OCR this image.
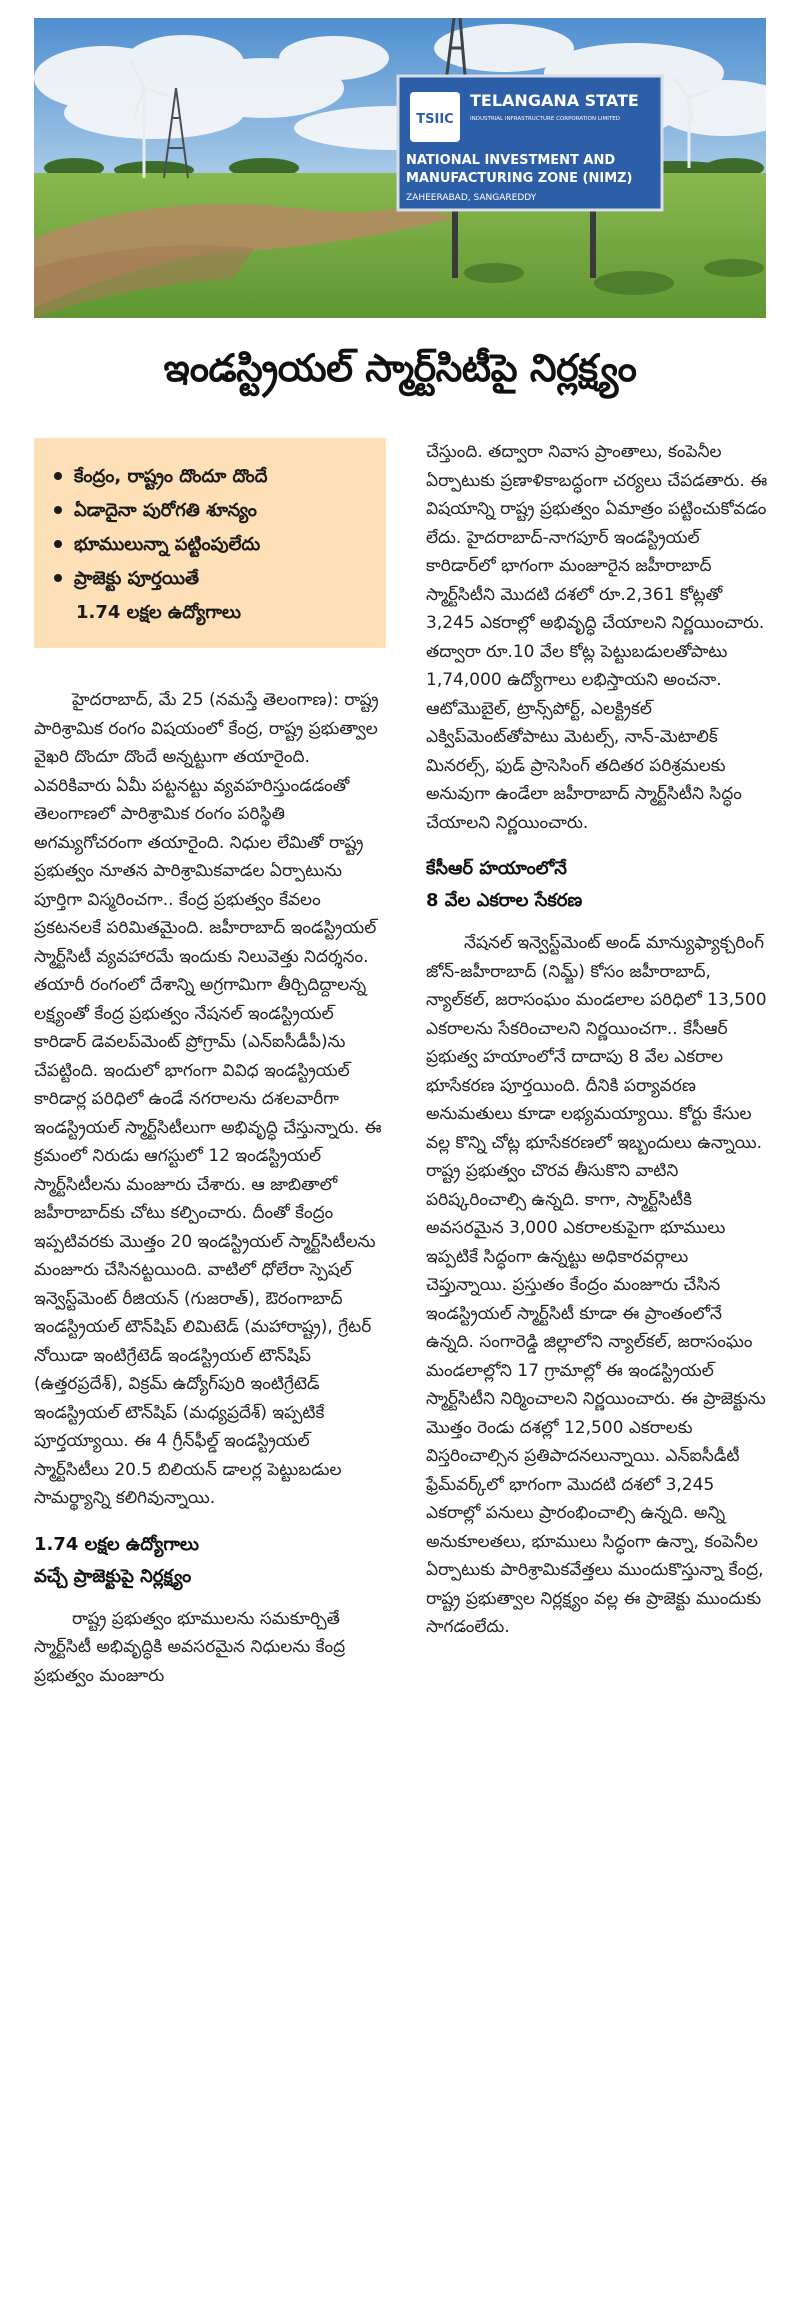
TSIIC
TELANGANA STATE
INDUSTRIAL INFRASTRUCTURE CORPORATION LIMITED
NATIONAL INVESTMENT AND
MANUFACTURING ZONE (NIMZ)
ZAHEERABAD, SANGAREDDY
ఇండస్ట్రియల్ స్మార్ట్‌సిటీపై నిర్లక్ష్యం
కేంద్రం, రాష్ట్రం దొందూ దొందే
ఏడాదైనా పురోగతి శూన్యం
భూములున్నా పట్టింపులేదు
ప్రాజెక్టు పూర్తయితే
1.74 లక్షల ఉద్యోగాలు

హైదరాబాద్, మే 25 (నమస్తే తెలంగాణ): రాష్ట్ర పారిశ్రామిక రంగం విషయంలో కేంద్ర, రాష్ట్ర ప్రభుత్వాల వైఖరి దొందూ దొందే అన్నట్టుగా తయారైంది. ఎవరికివారు ఏమీ పట్టనట్టు వ్యవహరిస్తుండడంతో తెలంగాణలో పారిశ్రామిక రంగం పరిస్థితి అగమ్యగోచరంగా తయారైంది. నిధుల లేమితో రాష్ట్ర ప్రభుత్వం నూతన పారిశ్రామికవాడల ఏర్పాటును పూర్తిగా విస్మరించగా.. కేంద్ర ప్రభుత్వం కేవలం ప్రకటనలకే పరిమితమైంది. జహీరాబాద్ ఇండస్ట్రియల్ స్మార్ట్‌సిటీ వ్యవహారమే ఇందుకు నిలువెత్తు నిదర్శనం. తయారీ రంగంలో దేశాన్ని అగ్రగామిగా తీర్చిదిద్దాలన్న లక్ష్యంతో కేంద్ర ప్రభుత్వం నేషనల్ ఇండస్ట్రియల్ కారిడార్ డెవలప్‌మెంట్ ప్రోగ్రామ్ (ఎన్‌ఐసీడీపీ)ను చేపట్టింది. ఇందులో భాగంగా వివిధ ఇండస్ట్రియల్ కారిడార్ల పరిధిలో ఉండే నగరాలను దశలవారీగా ఇండస్ట్రియల్ స్మార్ట్‌సిటీలుగా అభివృద్ధి చేస్తున్నారు. ఈ క్రమంలో నిరుడు ఆగస్టులో 12 ఇండస్ట్రియల్ స్మార్ట్‌సిటీలను మంజూరు చేశారు. ఆ జాబితాలో జహీరాబాద్‌కు చోటు కల్పించారు. దీంతో కేంద్రం ఇప్పటివరకు మొత్తం 20 ఇండస్ట్రియల్ స్మార్ట్‌సిటీలను మంజూరు చేసినట్టయింది. వాటిలో ధోలేరా స్పెషల్ ఇన్వెస్ట్‌మెంట్ రీజియన్ (గుజరాత్), ఔరంగాబాద్ ఇండస్ట్రియల్ టౌన్‌షిప్ లిమిటెడ్ (మహారాష్ట్ర), గ్రేటర్ నోయిడా ఇంటిగ్రేటెడ్ ఇండస్ట్రియల్ టౌన్‌షిప్ (ఉత్తరప్రదేశ్), విక్రమ్ ఉద్యోగ్‌పురి ఇంటిగ్రేటెడ్ ఇండస్ట్రియల్ టౌన్‌షిప్ (మధ్యప్రదేశ్) ఇప్పటికే పూర్తయ్యాయి. ఈ 4 గ్రీన్‌ఫీల్డ్ ఇండస్ట్రియల్ స్మార్ట్‌సిటీలు 20.5 బిలియన్ డాలర్ల పెట్టుబడుల సామర్థ్యాన్ని కలిగివున్నాయి.

1.74 లక్షల ఉద్యోగాలు
వచ్చే ప్రాజెక్టుపై నిర్లక్ష్యం

రాష్ట్ర ప్రభుత్వం భూములను సమకూర్చితే స్మార్ట్‌సిటీ అభివృద్ధికి అవసరమైన నిధులను కేంద్ర ప్రభుత్వం మంజూరు

చేస్తుంది. తద్వారా నివాస ప్రాంతాలు, కంపెనీల ఏర్పాటుకు ప్రణాళికాబద్ధంగా చర్యలు చేపడతారు. ఈ విషయాన్ని రాష్ట్ర ప్రభుత్వం ఏమాత్రం పట్టించుకోవడం లేదు. హైదరాబాద్-నాగపూర్ ఇండస్ట్రియల్ కారిడార్‌లో భాగంగా మంజూరైన జహీరాబాద్ స్మార్ట్‌సిటీని మొదటి దశలో రూ.2,361 కోట్లతో 3,245 ఎకరాల్లో అభివృద్ధి చేయాలని నిర్ణయించారు. తద్వారా రూ.10 వేల కోట్ల పెట్టుబడులతోపాటు 1,74,000 ఉద్యోగాలు లభిస్తాయని అంచనా. ఆటోమొబైల్, ట్రాన్స్‌పోర్ట్, ఎలక్ట్రికల్ ఎక్విప్‌మెంట్‌తోపాటు మెటల్స్, నాన్-మెటాలిక్ మినరల్స్, ఫుడ్ ప్రాసెసింగ్ తదితర పరిశ్రమలకు అనువుగా ఉండేలా జహీరాబాద్ స్మార్ట్‌సిటీని సిద్ధం చేయాలని నిర్ణయించారు.

కేసీఆర్ హయాంలోనే
8 వేల ఎకరాల సేకరణ

నేషనల్ ఇన్వెస్ట్‌మెంట్ అండ్ మాన్యుఫ్యాక్చరింగ్ జోన్-జహీరాబాద్ (నిమ్జ్) కోసం జహీరాబాద్, న్యాల్‌కల్, జరాసంఘం మండలాల పరిధిలో 13,500 ఎకరాలను సేకరించాలని నిర్ణయించగా.. కేసీఆర్ ప్రభుత్వ హయాంలోనే దాదాపు 8 వేల ఎకరాల భూసేకరణ పూర్తయింది. దీనికి పర్యావరణ అనుమతులు కూడా లభ్యమయ్యాయి. కోర్టు కేసుల వల్ల కొన్ని చోట్ల భూసేకరణలో ఇబ్బందులు ఉన్నాయి. రాష్ట్ర ప్రభుత్వం చొరవ తీసుకొని వాటిని పరిష్కరించాల్సి ఉన్నది. కాగా, స్మార్ట్‌సిటీకి అవసరమైన 3,000 ఎకరాలకుపైగా భూములు ఇప్పటికే సిద్ధంగా ఉన్నట్టు అధికారవర్గాలు చెప్తున్నాయి. ప్రస్తుతం కేంద్రం మంజూరు చేసిన ఇండస్ట్రియల్ స్మార్ట్‌సిటీ కూడా ఈ ప్రాంతంలోనే ఉన్నది. సంగారెడ్డి జిల్లాలోని న్యాల్‌కల్, జరాసంఘం మండలాల్లోని 17 గ్రామాల్లో ఈ ఇండస్ట్రియల్ స్మార్ట్‌సిటీని నిర్మించాలని నిర్ణయించారు. ఈ ప్రాజెక్టును మొత్తం రెండు దశల్లో 12,500 ఎకరాలకు విస్తరించాల్సిన ప్రతిపాదనలున్నాయి. ఎన్‌ఐసీడీటీ ఫ్రేమ్‌వర్క్‌లో భాగంగా మొదటి దశలో 3,245 ఎకరాల్లో పనులు ప్రారంభించాల్సి ఉన్నది. అన్ని అనుకూలతలు, భూములు సిద్ధంగా ఉన్నా, కంపెనీల ఏర్పాటుకు పారిశ్రామికవేత్తలు ముందుకొస్తున్నా కేంద్ర, రాష్ట్ర ప్రభుత్వాల నిర్లక్ష్యం వల్ల ఈ ప్రాజెక్టు ముందుకు సాగడంలేదు.
